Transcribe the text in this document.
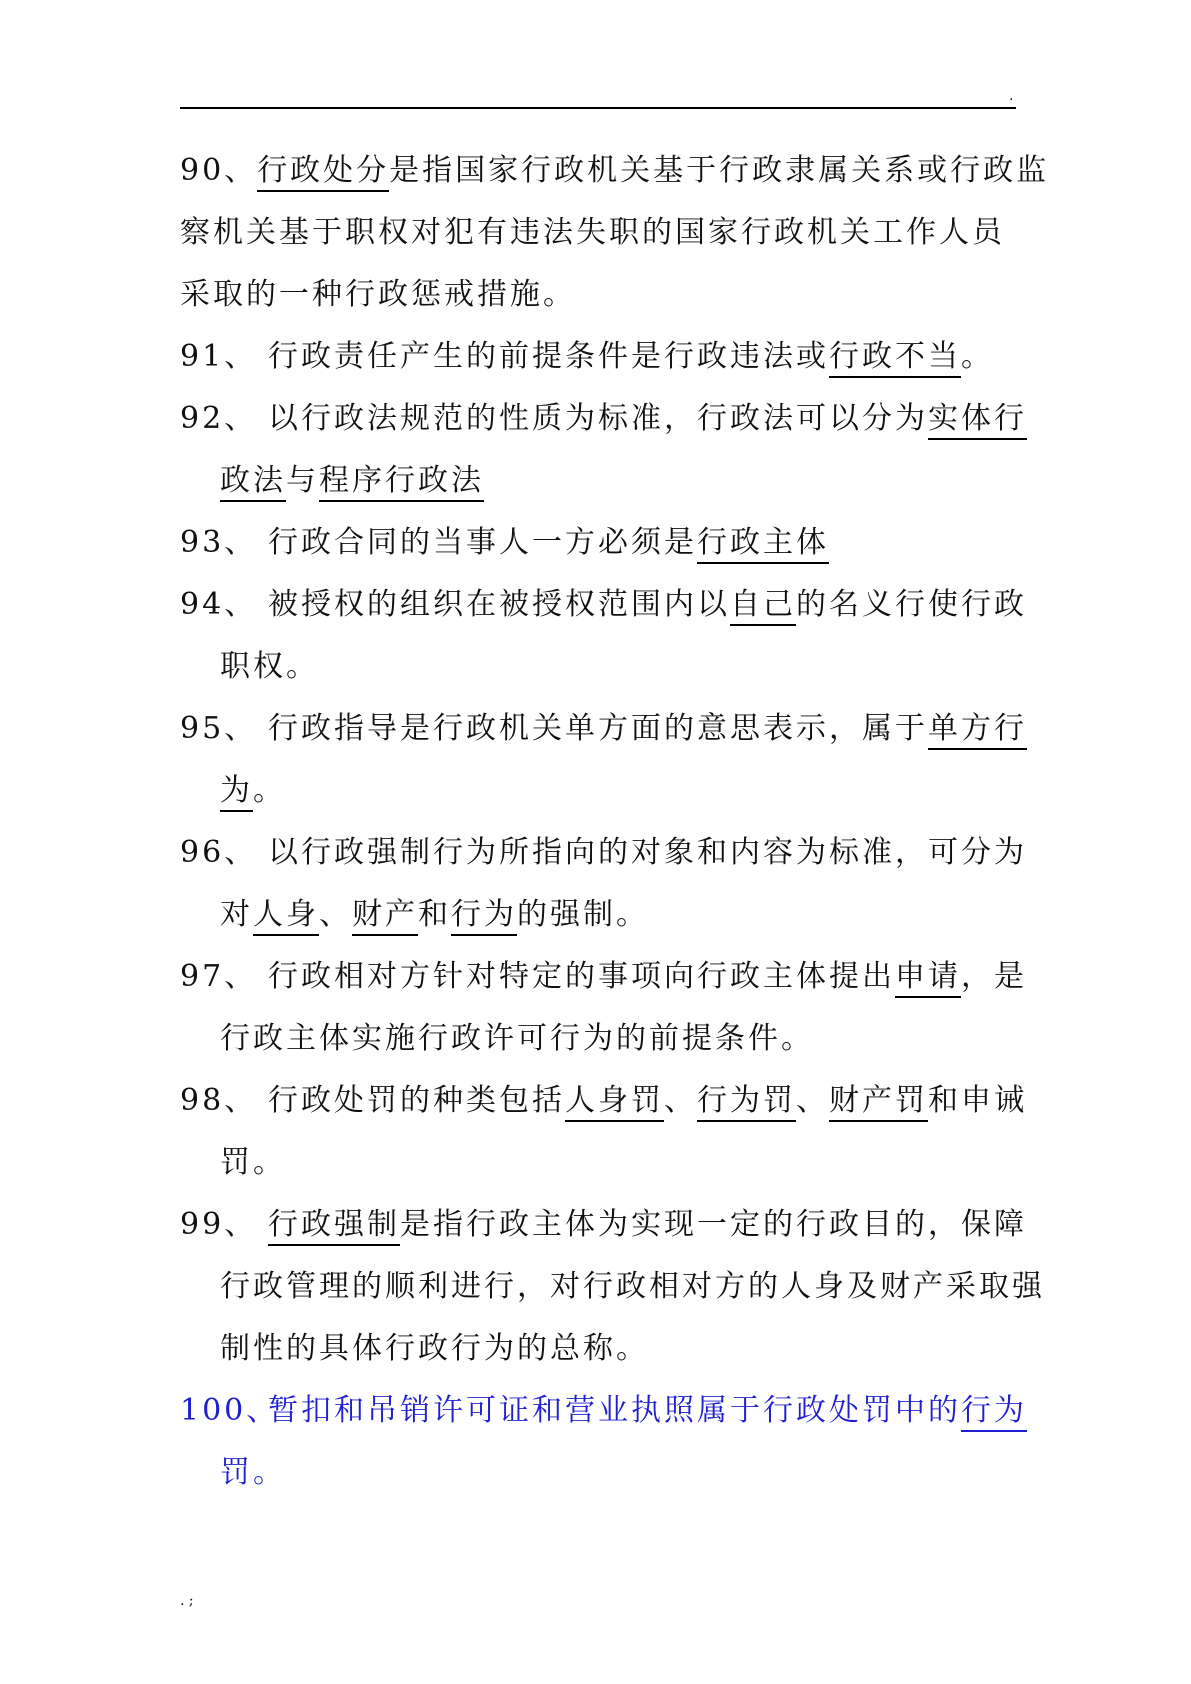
.
90、行政处分是指国家行政机关基于行政隶属关系或行政监
察机关基于职权对犯有违法失职的国家行政机关工作人员
采取的一种行政惩戒措施。
91、 行政责任产生的前提条件是行政违法或行政不当。
92、 以行政法规范的性质为标准，行政法可以分为实体行
政法与程序行政法
93、 行政合同的当事人一方必须是行政主体
94、 被授权的组织在被授权范围内以自己的名义行使行政
职权。
95、 行政指导是行政机关单方面的意思表示，属于单方行
为。
96、 以行政强制行为所指向的对象和内容为标准，可分为
对人身、财产和行为的强制。
97、 行政相对方针对特定的事项向行政主体提出申请，是
行政主体实施行政许可行为的前提条件。
98、 行政处罚的种类包括人身罚、行为罚、财产罚和申诫
罚。
99、 行政强制是指行政主体为实现一定的行政目的，保障
行政管理的顺利进行，对行政相对方的人身及财产采取强
制性的具体行政行为的总称。
100、暂扣和吊销许可证和营业执照属于行政处罚中的行为
罚。
. ;
